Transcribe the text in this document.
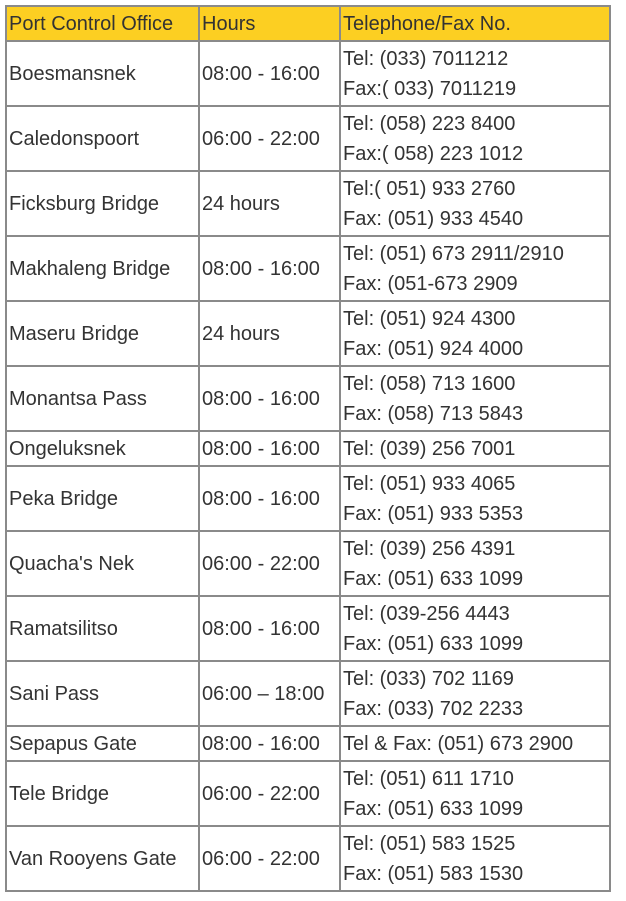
Port Control Office	Hours	Telephone/Fax No.
Boesmansnek	08:00 - 16:00	Tel: (033) 7011212
Fax:( 033) 7011219

Caledonspoort	06:00 - 22:00	Tel: (058) 223 8400
Fax:( 058) 223 1012

Ficksburg Bridge	24 hours	Tel:( 051) 933 2760
Fax: (051) 933 4540

Makhaleng Bridge	08:00 - 16:00	Tel: (051) 673 2911/2910
Fax: (051-673 2909

Maseru Bridge	24 hours	Tel: (051) 924 4300
Fax: (051) 924 4000

Monantsa Pass	08:00 - 16:00	Tel: (058) 713 1600
Fax: (058) 713 5843

Ongeluksnek	08:00 - 16:00	Tel: (039) 256 7001

Peka Bridge	08:00 - 16:00	Tel: (051) 933 4065
Fax: (051) 933 5353

Quacha's Nek	06:00 - 22:00	Tel: (039) 256 4391
Fax: (051) 633 1099

Ramatsilitso	08:00 - 16:00	Tel: (039-256 4443
Fax: (051) 633 1099

Sani Pass	06:00 – 18:00	Tel: (033) 702 1169
Fax: (033) 702 2233

Sepapus Gate	08:00 - 16:00	Tel & Fax: (051) 673 2900

Tele Bridge	06:00 - 22:00	Tel: (051) 611 1710
Fax: (051) 633 1099

Van Rooyens Gate	06:00 - 22:00	Tel: (051) 583 1525
Fax: (051) 583 1530
